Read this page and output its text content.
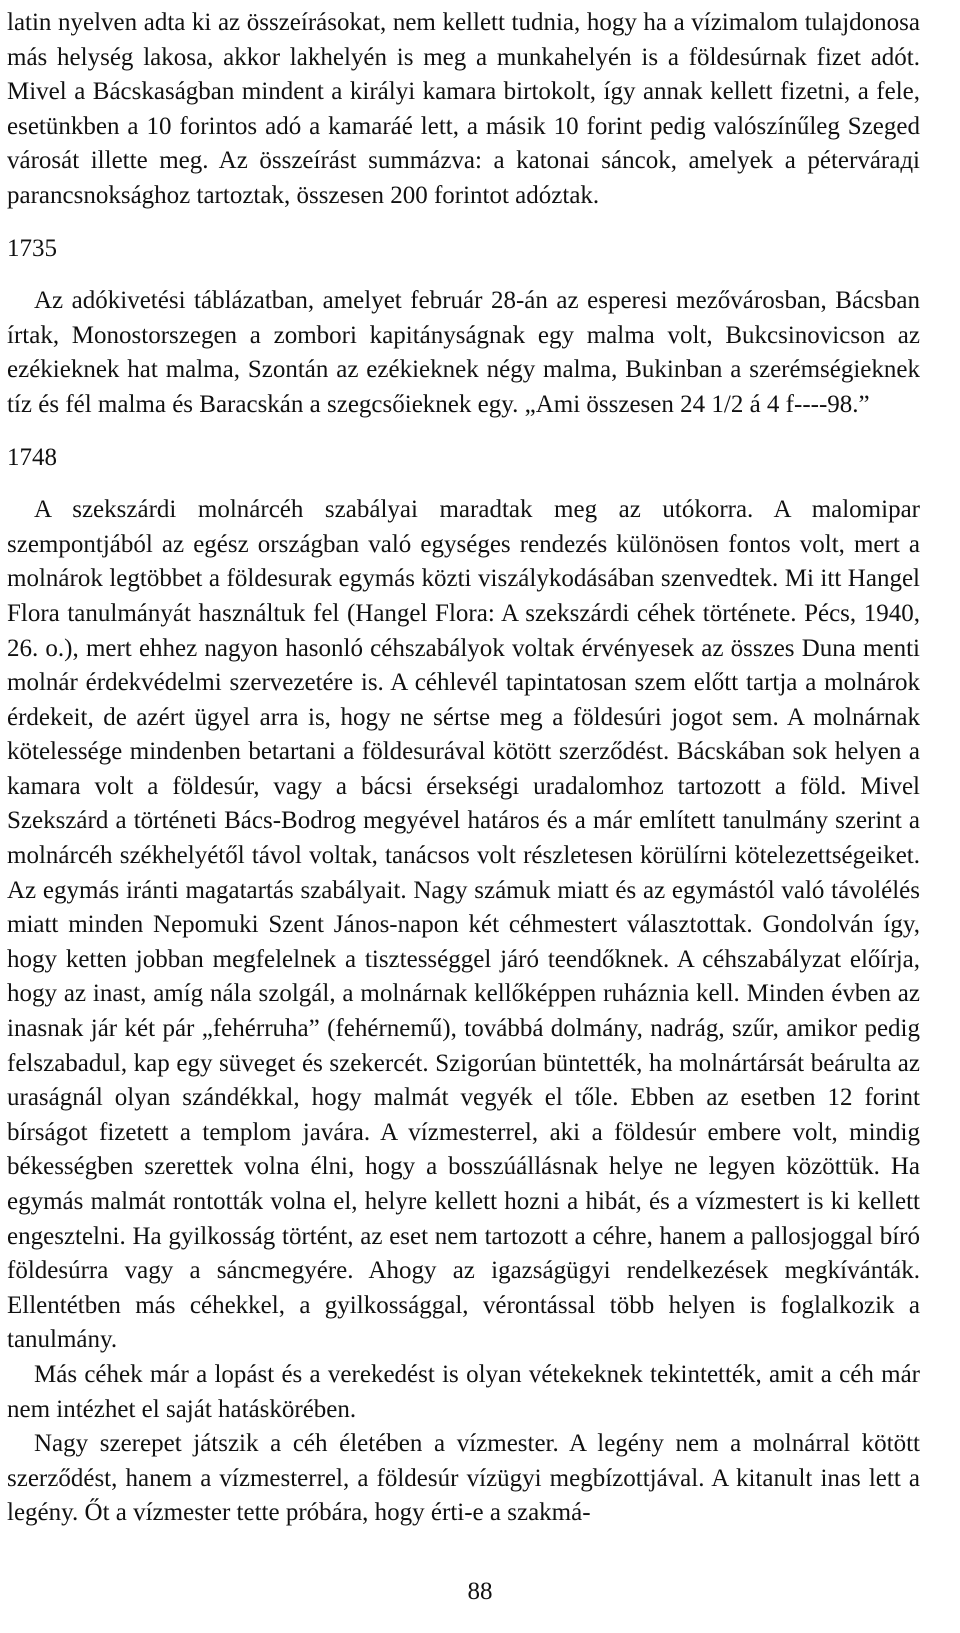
latin nyelven adta ki az összeírásokat, nem kellett tudnia, hogy ha a vízimalom tulajdonosa más helység lakosa, akkor lakhelyén is meg a munkahelyén is a földesúrnak fizet adót. Mivel a Bácskaságban mindent a királyi kamara birtokolt, így annak kellett fizetni, a fele, esetünkben a 10 forintos adó a kamaráé lett, a másik 10 forint pedig valószínűleg Szeged városát illette meg. Az összeírást summázva: a katonai sáncok, amelyek a pétervárадi parancsnoksághoz tartoztak, összesen 200 forintot adóztak.

1735

Az adókivetési táblázatban, amelyet február 28-án az esperesi mezővárosban, Bácsban írtak, Monostorszegen a zombori kapitányságnak egy malma volt, Bukcsinovicson az ezékieknek hat malma, Szontán az ezékieknek négy malma, Bukinban a szerémségieknek tíz és fél malma és Baracskán a szegcsőieknek egy. „Ami összesen 24 1/2 á 4 f----98.”

1748

A szekszárdi molnárcéh szabályai maradtak meg az utókorra. A malomipar szempontjából az egész országban való egységes rendezés különösen fontos volt, mert a molnárok legtöbbet a földesurak egymás közti viszálykodásában szenvedtek. Mi itt Hangel Flora tanulmányát használtuk fel (Hangel Flora: A szekszárdi céhek története. Pécs, 1940, 26. o.), mert ehhez nagyon hasonló céhszabályok voltak érvényesek az összes Duna menti molnár érdekvédelmi szervezetére is. A céhlevél tapintatosan szem előtt tartja a molnárok érdekeit, de azért ügyel arra is, hogy ne sértse meg a földesúri jogot sem. A molnárnak kötelessége mindenben betartani a földesurával kötött szerződést. Bácskában sok helyen a kamara volt a földesúr, vagy a bácsi érsekségi uradalomhoz tartozott a föld. Mivel Szekszárd a történeti Bács-Bodrog megyével határos és a már említett tanulmány szerint a molnárcéh székhelyétől távol voltak, tanácsos volt részletesen körülírni kötelezettségeiket. Az egymás iránti magatartás szabályait. Nagy számuk miatt és az egymástól való távolélés miatt minden Nepomuki Szent János-napon két céhmestert választottak. Gondolván így, hogy ketten jobban megfelelnek a tisztességgel járó teendőknek. A céhszabályzat előírja, hogy az inast, amíg nála szolgál, a molnárnak kellőképpen ruháznia kell. Minden évben az inasnak jár két pár „fehérruha” (fehérnemű), továbbá dolmány, nadrág, szűr, amikor pedig felszabadul, kap egy süveget és szekercét. Szigorúan büntették, ha molnártársát beárulta az uraságnál olyan szándékkal, hogy malmát vegyék el tőle. Ebben az esetben 12 forint bírságot fizetett a templom javára. A vízmesterrel, aki a földesúr embere volt, mindig békességben szerettek volna élni, hogy a bosszúállásnak helye ne legyen közöttük. Ha egymás malmát rontották volna el, helyre kellett hozni a hibát, és a vízmestert is ki kellett engesztelni. Ha gyilkosság történt, az eset nem tartozott a céhre, hanem a pallosjoggal bíró földesúrra vagy a sáncmegyére. Ahogy az igazságügyi rendelkezések megkívánták. Ellentétben más céhekkel, a gyilkossággal, vérontással több helyen is foglalkozik a tanulmány.

Más céhek már a lopást és a verekedést is olyan vétekeknek tekintették, amit a céh már nem intézhet el saját hatáskörében.

Nagy szerepet játszik a céh életében a vízmester. A legény nem a molnárral kötött szerződést, hanem a vízmesterrel, a földesúr vízügyi megbízottjával. A kitanult inas lett a legény. Őt a vízmester tette próbára, hogy érti-e a szakmá-

88
